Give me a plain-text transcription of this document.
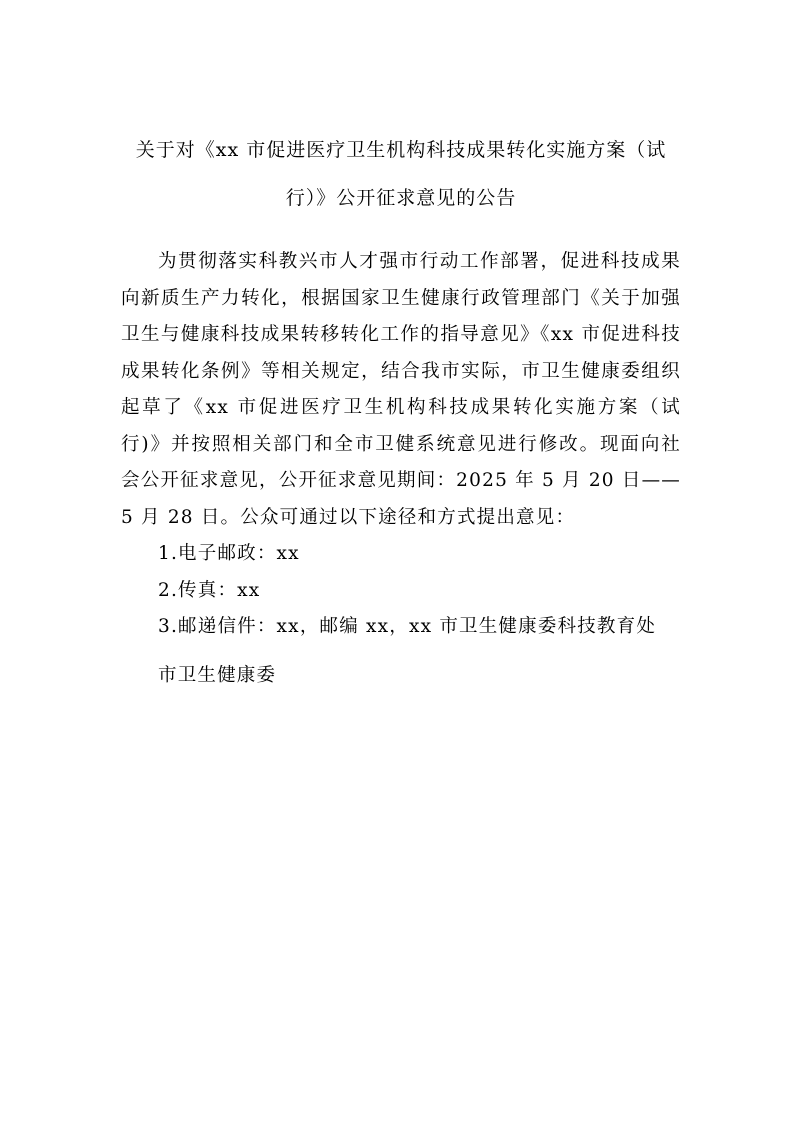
关于对《xx 市促进医疗卫生机构科技成果转化实施方案（试行）》公开征求意见的公告

为贯彻落实科教兴市人才强市行动工作部署，促进科技成果向新质生产力转化，根据国家卫生健康行政管理部门《关于加强卫生与健康科技成果转移转化工作的指导意见》《xx 市促进科技成果转化条例》等相关规定，结合我市实际，市卫生健康委组织起草了《xx 市促进医疗卫生机构科技成果转化实施方案（试行)》并按照相关部门和全市卫健系统意见进行修改。现面向社会公开征求意见，公开征求意见期间：2025 年 5 月 20 日——5 月 28 日。公众可通过以下途径和方式提出意见：

1.电子邮政：xx

2.传真：xx

3.邮递信件：xx，邮编 xx，xx 市卫生健康委科技教育处

市卫生健康委
